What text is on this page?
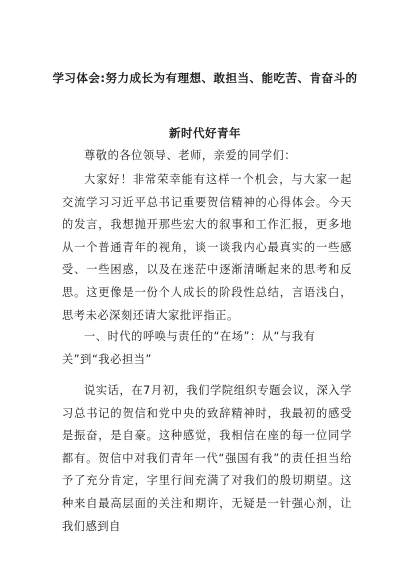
学习体会:努力成长为有理想、敢担当、能吃苦、肯奋斗的
新时代好青年
尊敬的各位领导、老师，亲爱的同学们：
大家好！非常荣幸能有这样一个机会，与大家一起交流学习习近平总书记重要贺信精神的心得体会。今天的发言，我想抛开那些宏大的叙事和工作汇报，更多地从一个普通青年的视角，谈一谈我内心最真实的一些感受、一些困惑，以及在迷茫中逐渐清晰起来的思考和反思。这更像是一份个人成长的阶段性总结，言语浅白，思考未必深刻还请大家批评指正。
一、时代的呼唤与责任的“在场”：从“与我有关”到“我必担当”
说实话，在7月初，我们学院组织专题会议，深入学习总书记的贺信和党中央的致辞精神时，我最初的感受是振奋，是自豪。这种感觉，我相信在座的每一位同学都有。贺信中对我们青年一代“强国有我”的责任担当给予了充分肯定，字里行间充满了对我们的殷切期望。这种来自最高层面的关注和期许，无疑是一针强心剂，让我们感到自
